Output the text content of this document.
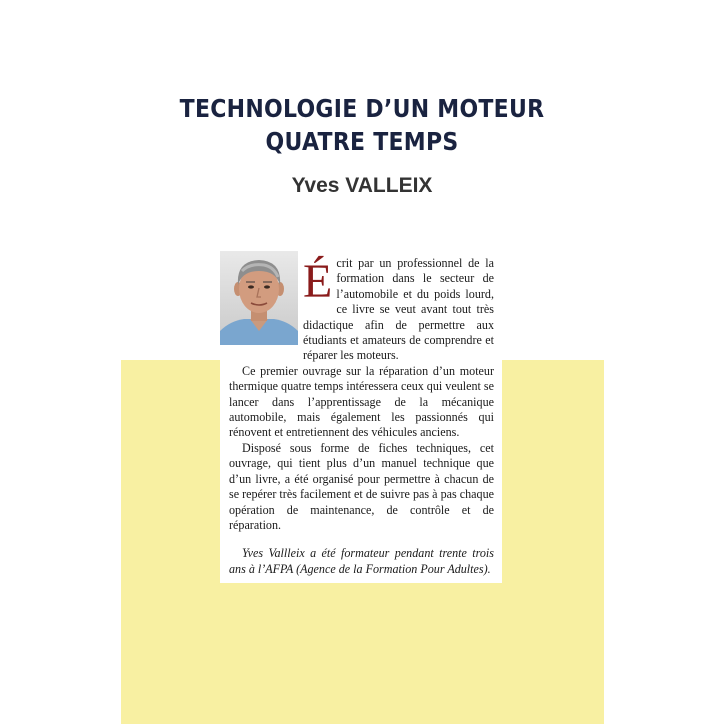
TECHNOLOGIE D’UN MOTEUR
QUATRE TEMPS
Yves VALLEIX

Écrit par un professionnel de la formation dans le secteur de l’automobile et du poids lourd, ce livre se veut avant tout très didactique afin de permettre aux étudiants et amateurs de comprendre et réparer les moteurs.

Ce premier ouvrage sur la réparation d’un moteur thermique quatre temps intéressera ceux qui veulent se lancer dans l’apprentissage de la mécanique automobile, mais également les passionnés qui rénovent et entretiennent des véhicules anciens.

Disposé sous forme de fiches techniques, cet ouvrage, qui tient plus d’un manuel technique que d’un livre, a été organisé pour permettre à chacun de se repérer très facilement et de suivre pas à pas chaque opération de maintenance, de contrôle et de réparation.

Yves Vallleix a été formateur pendant trente trois ans à l’AFPA (Agence de la Formation Pour Adultes).
